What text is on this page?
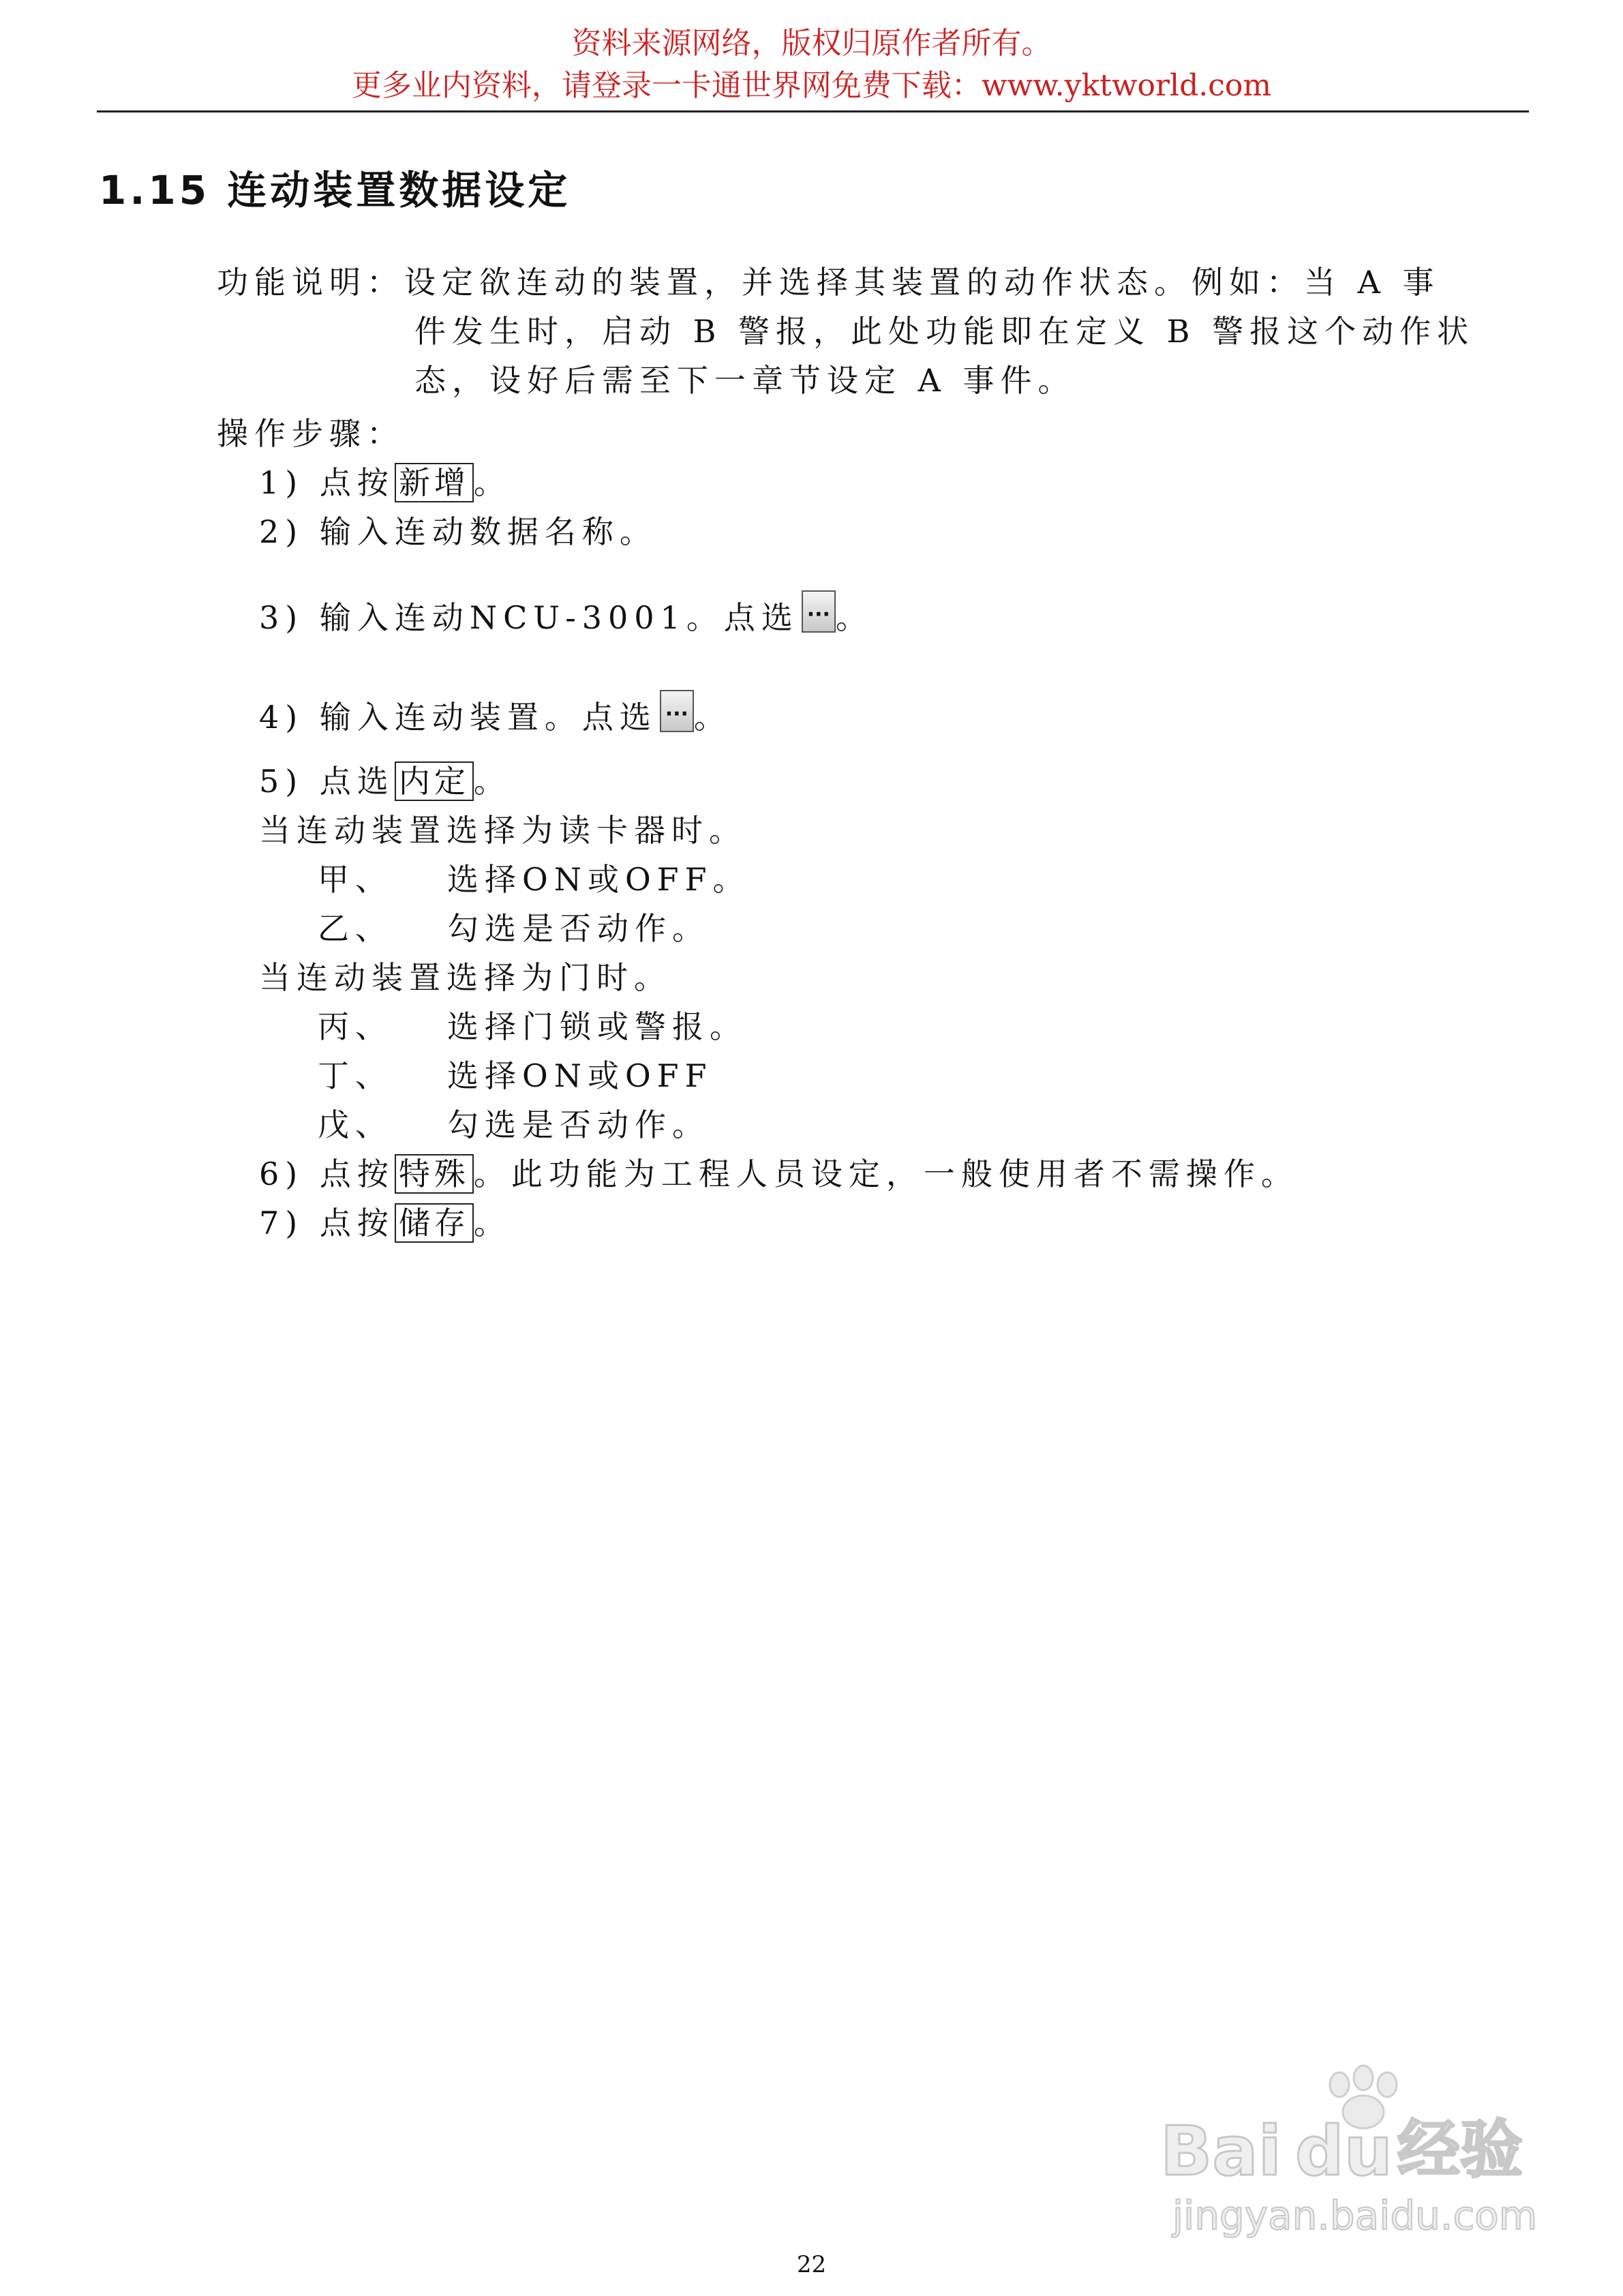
资料来源网络，版权归原作者所有。
更多业内资料，请登录一卡通世界网免费下载：www.yktworld.com
1.15 连动装置数据设定
功能说明：设定欲连动的装置，并选择其装置的动作状态。例如：当 A 事
件发生时，启动 B 警报，此处功能即在定义 B 警报这个动作状
态，设好后需至下一章节设定 A 事件。
操作步骤：
1) 点按 新增 。
2) 输入连动数据名称。
3) 输入连动NCU-3001。点选 ··· 。
4) 输入连动装置。点选 ··· 。
5) 点选 内定 。
当连动装置选择为读卡器时。
甲、 选择ON或OFF。
乙、 勾选是否动作。
当连动装置选择为门时。
丙、 选择门锁或警报。
丁、 选择ON或OFF
戊、 勾选是否动作。
6) 点按 特殊 。此功能为工程人员设定，一般使用者不需操作。
7) 点按 储存 。
Bai du 经验
jingyan.baidu.com
22
